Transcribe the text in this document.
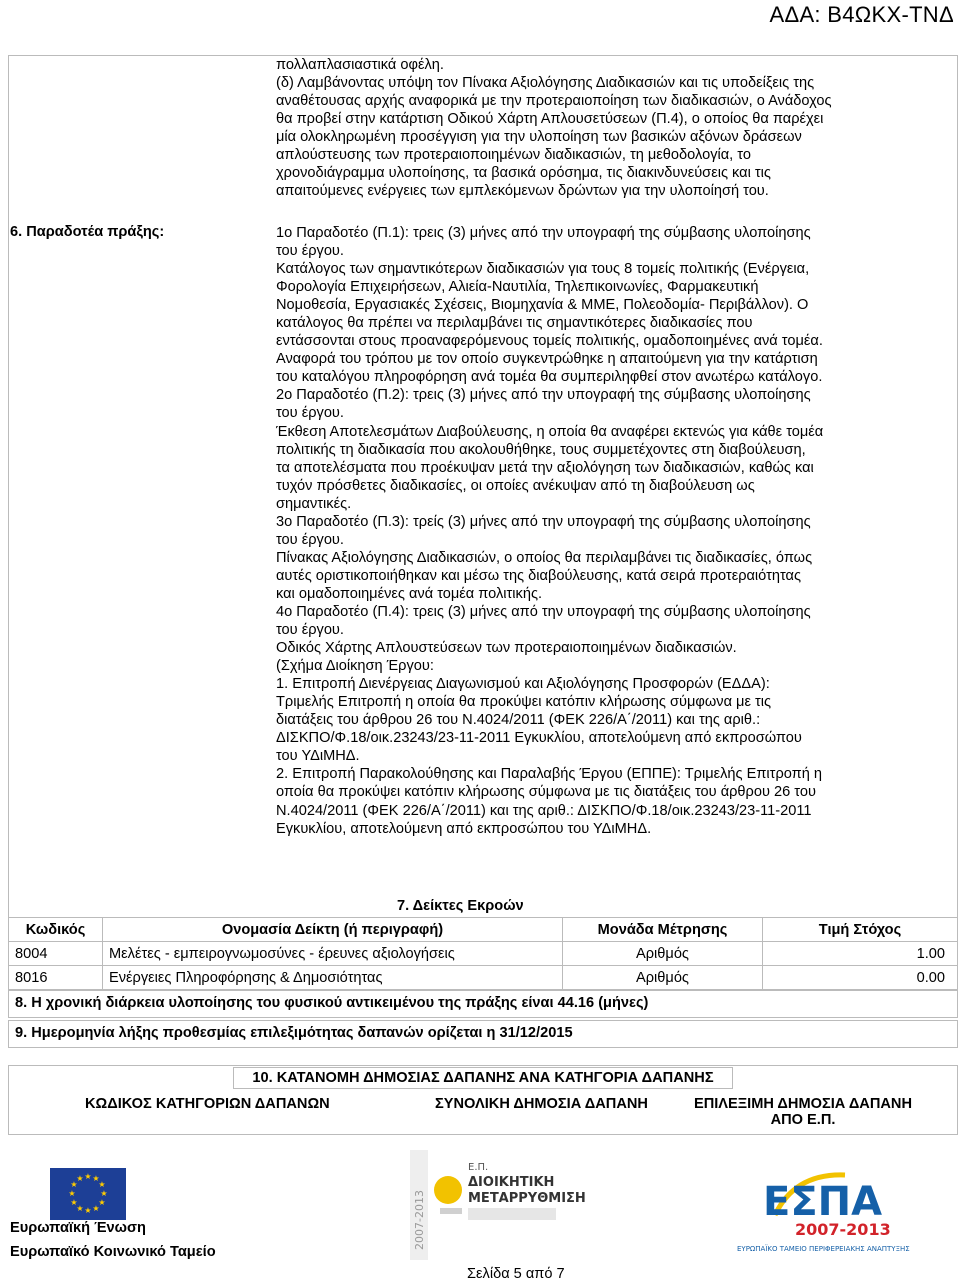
ΑΔΑ: Β4ΩΚΧ-ΤΝΔ
πολλαπλασιαστικά οφέλη.
(δ) Λαμβάνοντας υπόψη τον Πίνακα Αξιολόγησης Διαδικασιών και τις υποδείξεις της
αναθέτουσας αρχής αναφορικά με την προτεραιοποίηση των διαδικασιών, ο Ανάδοχος
θα προβεί στην κατάρτιση Οδικού Χάρτη Απλουσετύσεων (Π.4), ο οποίος θα παρέχει
μία ολοκληρωμένη προσέγγιση για την υλοποίηση των βασικών αξόνων δράσεων
απλούστευσης των προτεραιοποιημένων διαδικασιών, τη μεθοδολογία, το
χρονοδιάγραμμα υλοποίησης, τα βασικά ορόσημα, τις διακινδυνεύσεις και τις
απαιτούμενες ενέργειες των εμπλεκόμενων δρώντων για την υλοποίησή του.
6. Παραδοτέα πράξης:	1ο Παραδοτέο (Π.1): τρεις (3) μήνες από την υπογραφή της σύμβασης υλοποίησης
του έργου.
Κατάλογος των σημαντικότερων διαδικασιών για τους 8 τομείς πολιτικής (Ενέργεια,
Φορολογία Επιχειρήσεων, Αλιεία-Ναυτιλία, Τηλεπικοινωνίες, Φαρμακευτική
Νομοθεσία, Εργασιακές Σχέσεις, Βιομηχανία & ΜΜΕ, Πολεοδομία- Περιβάλλον). Ο
κατάλογος θα πρέπει να περιλαμβάνει τις σημαντικότερες διαδικασίες που
εντάσσονται στους προαναφερόμενους τομείς πολιτικής, ομαδοποιημένες ανά τομέα.
Αναφορά του τρόπου με τον οποίο συγκεντρώθηκε η απαιτούμενη για την κατάρτιση
του καταλόγου πληροφόρηση ανά τομέα θα συμπεριληφθεί στον ανωτέρω κατάλογο.
2ο Παραδοτέο (Π.2): τρεις (3) μήνες από την υπογραφή της σύμβασης υλοποίησης
του έργου.
Έκθεση Αποτελεσμάτων Διαβούλευσης, η οποία θα αναφέρει εκτενώς για κάθε τομέα
πολιτικής τη διαδικασία που ακολουθήθηκε, τους συμμετέχοντες στη διαβούλευση,
τα αποτελέσματα που προέκυψαν μετά την αξιολόγηση των διαδικασιών, καθώς και
τυχόν πρόσθετες διαδικασίες, οι οποίες ανέκυψαν από τη διαβούλευση ως
σημαντικές.
3ο Παραδοτέο (Π.3): τρείς (3) μήνες από την υπογραφή της σύμβασης υλοποίησης
του έργου.
Πίνακας Αξιολόγησης Διαδικασιών, ο οποίος θα περιλαμβάνει τις διαδικασίες, όπως
αυτές οριστικοποιήθηκαν και μέσω της διαβούλευσης, κατά σειρά προτεραιότητας
και ομαδοποιημένες ανά τομέα πολιτικής.
4ο Παραδοτέο (Π.4): τρεις (3) μήνες από την υπογραφή της σύμβασης υλοποίησης
του έργου.
Οδικός Χάρτης Απλουστεύσεων των προτεραιοποιημένων διαδικασιών.
(Σχήμα Διοίκηση Έργου:
1. Επιτροπή Διενέργειας Διαγωνισμού και Αξιολόγησης Προσφορών (ΕΔΔΑ):
Τριμελής Επιτροπή η οποία θα προκύψει κατόπιν κλήρωσης σύμφωνα με τις
διατάξεις του άρθρου 26 του Ν.4024/2011 (ΦΕΚ 226/Α΄/2011) και της αριθ.:
ΔΙΣΚΠΟ/Φ.18/οικ.23243/23-11-2011 Εγκυκλίου, αποτελούμενη από εκπροσώπου
του ΥΔιΜΗΔ.
2. Επιτροπή Παρακολούθησης και Παραλαβής Έργου (ΕΠΠΕ): Τριμελής Επιτροπή η
οποία θα προκύψει κατόπιν κλήρωσης σύμφωνα με τις διατάξεις του άρθρου 26 του
Ν.4024/2011 (ΦΕΚ 226/Α΄/2011) και της αριθ.: ΔΙΣΚΠΟ/Φ.18/οικ.23243/23-11-2011
Εγκυκλίου, αποτελούμενη από εκπροσώπου του ΥΔιΜΗΔ.
7. Δείκτες Εκροών
Κωδικός	Ονομασία Δείκτη (ή περιγραφή)	Μονάδα Μέτρησης	Τιμή Στόχος
8004	Μελέτες - εμπειρογνωμοσύνες - έρευνες αξιολογήσεις	Αριθμός	1.00
8016	Ενέργειες Πληροφόρησης & Δημοσιότητας	Αριθμός	0.00
8. Η χρονική διάρκεια υλοποίησης του φυσικού αντικειμένου της πράξης είναι 44.16 (μήνες)
9. Ημερομηνία λήξης προθεσμίας επιλεξιμότητας δαπανών ορίζεται η 31/12/2015
10. ΚΑΤΑΝΟΜΗ ΔΗΜΟΣΙΑΣ ΔΑΠΑΝΗΣ ΑΝΑ ΚΑΤΗΓΟΡΙΑ ΔΑΠΑΝΗΣ
ΚΩΔΙΚΟΣ ΚΑΤΗΓΟΡΙΩΝ ΔΑΠΑΝΩΝ	ΣΥΝΟΛΙΚΗ ΔΗΜΟΣΙΑ ΔΑΠΑΝΗ	ΕΠΙΛΕΞΙΜΗ ΔΗΜΟΣΙΑ ΔΑΠΑΝΗ
ΑΠΟ Ε.Π.
★ ★
★
★
★
★
★
★
★
★
★
★
Ευρωπαϊκή Ένωση
Ευρωπαϊκό Κοινωνικό Ταμείο
2007-2013
Ε.Π.
ΔΙΟΙΚΗΤΙΚΗ
ΜΕΤΑΡΡΥΘΜΙΣΗ
Σελίδα 5 από 7
ΕΣΠΑ
2007-2013
ΕΥΡΩΠΑΪΚΟ ΤΑΜΕΙΟ ΠΕΡΙΦΕΡΕΙΑΚΗΣ ΑΝΑΠΤΥΞΗΣ
